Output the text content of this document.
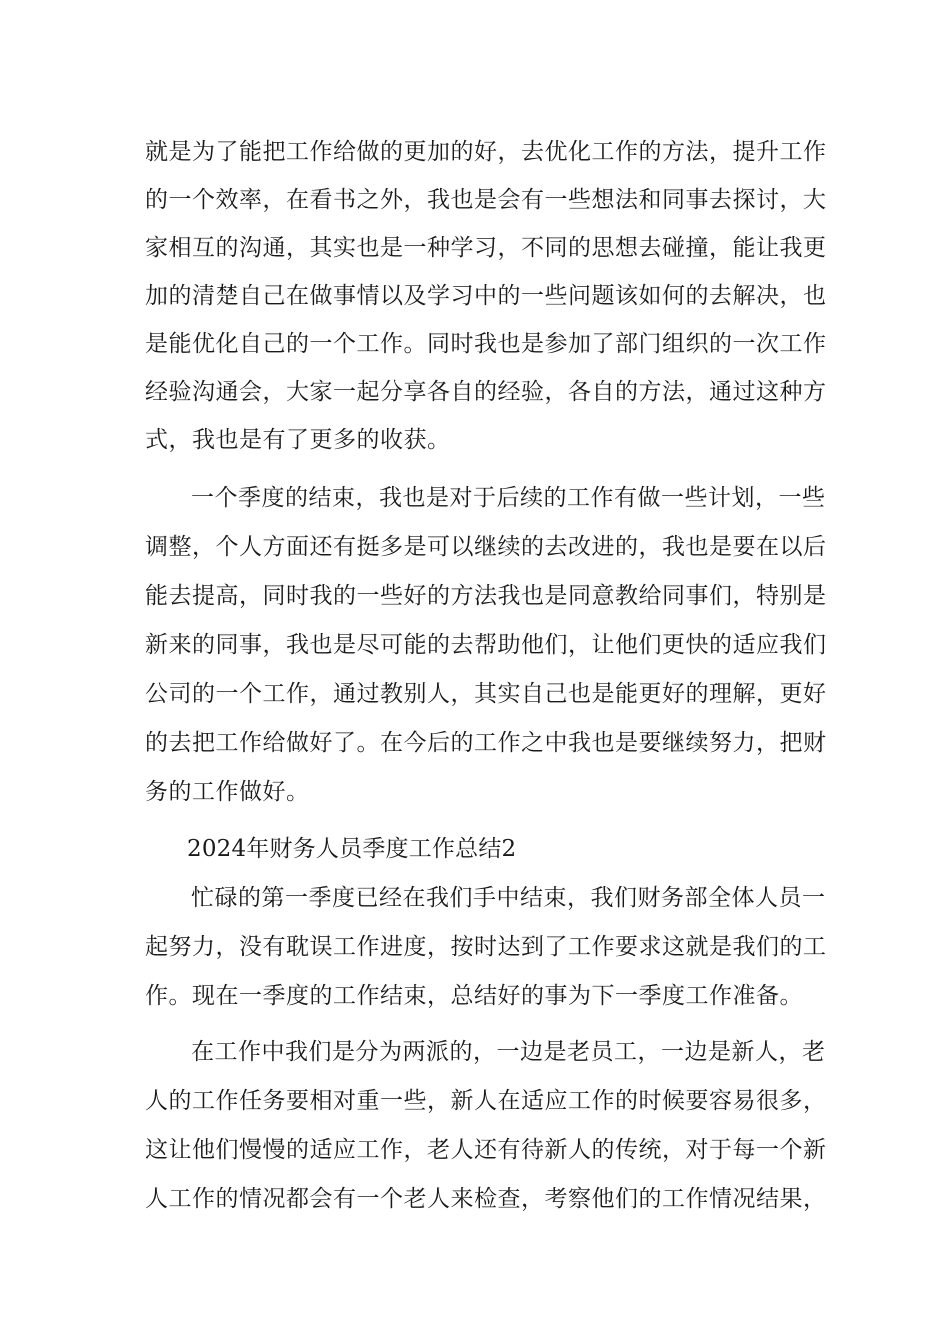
就是为了能把工作给做的更加的好，去优化工作的方法，提升工作
的一个效率，在看书之外，我也是会有一些想法和同事去探讨，大
家相互的沟通，其实也是一种学习，不同的思想去碰撞，能让我更
加的清楚自己在做事情以及学习中的一些问题该如何的去解决，也
是能优化自己的一个工作。同时我也是参加了部门组织的一次工作
经验沟通会，大家一起分享各自的经验，各自的方法，通过这种方
式，我也是有了更多的收获。
一个季度的结束，我也是对于后续的工作有做一些计划，一些
调整，个人方面还有挺多是可以继续的去改进的，我也是要在以后
能去提高，同时我的一些好的方法我也是同意教给同事们，特别是
新来的同事，我也是尽可能的去帮助他们，让他们更快的适应我们
公司的一个工作，通过教别人，其实自己也是能更好的理解，更好
的去把工作给做好了。在今后的工作之中我也是要继续努力，把财
务的工作做好。
2024年财务人员季度工作总结2
忙碌的第一季度已经在我们手中结束，我们财务部全体人员一
起努力，没有耽误工作进度，按时达到了工作要求这就是我们的工
作。现在一季度的工作结束，总结好的事为下一季度工作准备。
在工作中我们是分为两派的，一边是老员工，一边是新人，老
人的工作任务要相对重一些，新人在适应工作的时候要容易很多，
这让他们慢慢的适应工作，老人还有待新人的传统，对于每一个新
人工作的情况都会有一个老人来检查，考察他们的工作情况结果，
